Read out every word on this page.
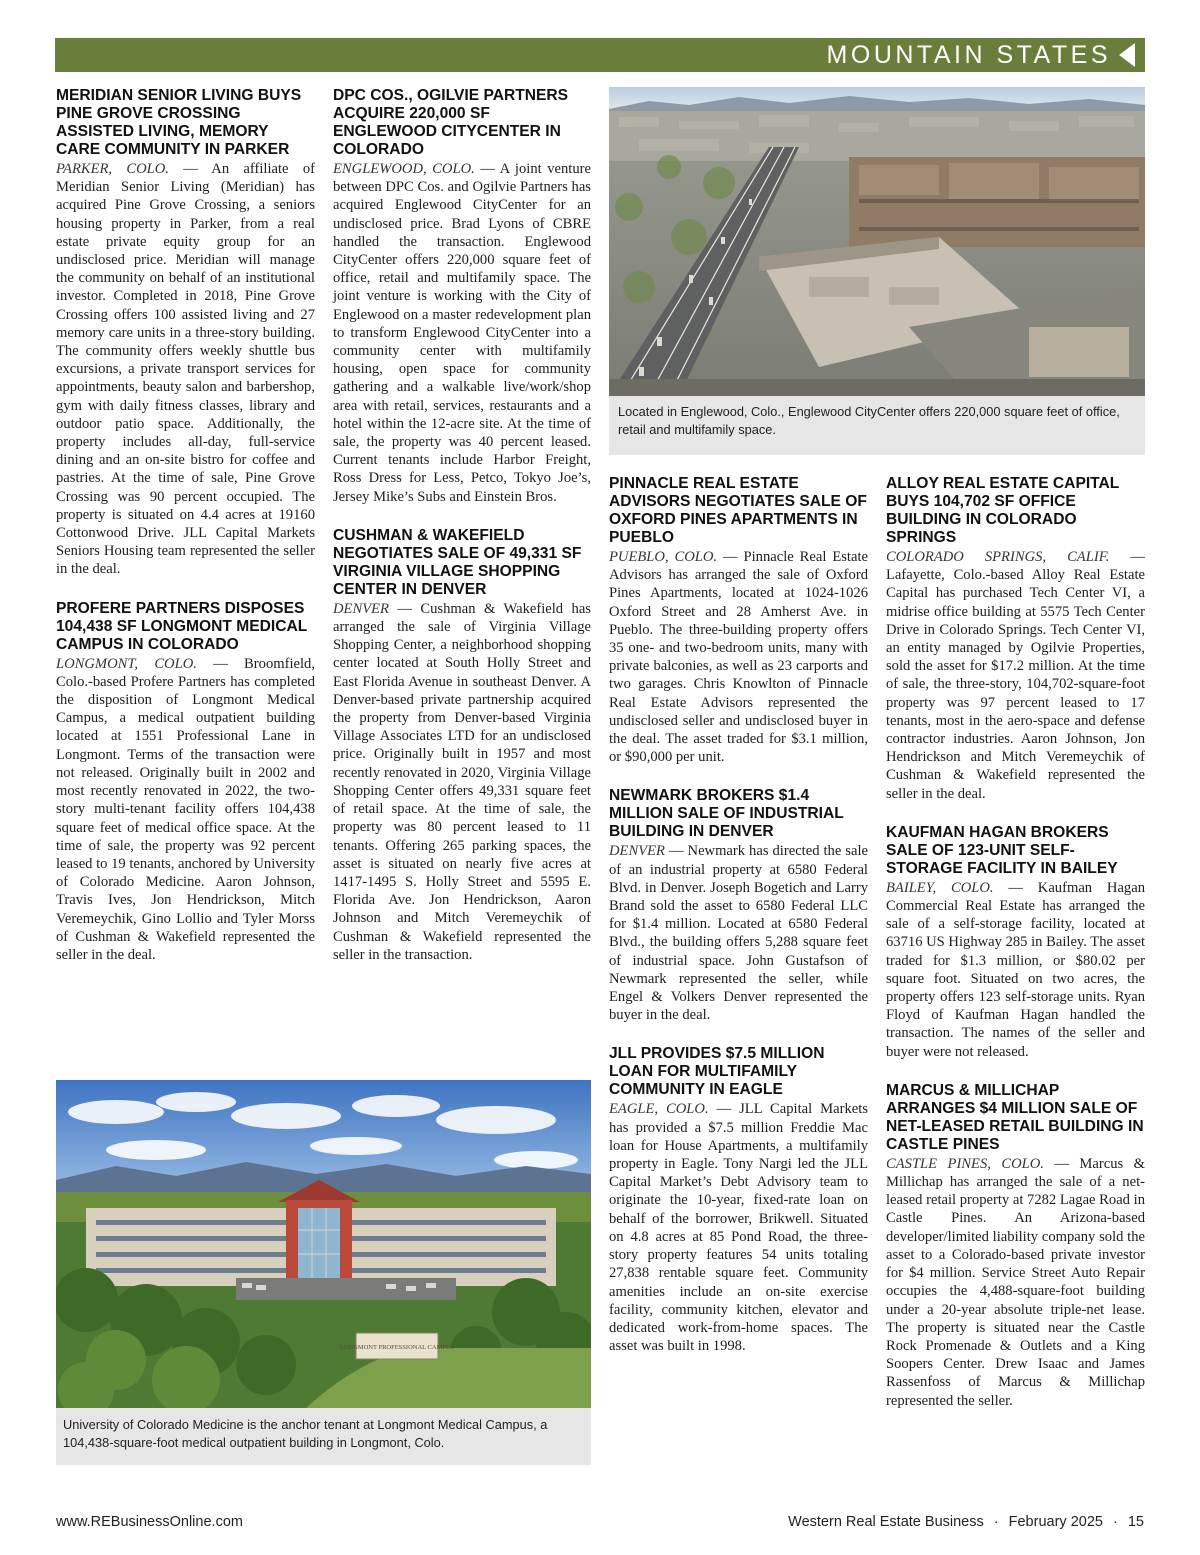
MOUNTAIN STATES
MERIDIAN SENIOR LIVING BUYS PINE GROVE CROSSING ASSISTED LIVING, MEMORY CARE COMMUNITY IN PARKER

PARKER, COLO. — An affiliate of Meridian Senior Living (Meridian) has acquired Pine Grove Crossing, a seniors housing property in Parker, from a real estate private equity group for an undisclosed price. Meridian will manage the community on behalf of an institutional investor. Completed in 2018, Pine Grove Crossing offers 100 assisted living and 27 memory care units in a three-story building. The community offers weekly shuttle bus excursions, a private transport services for appointments, beauty salon and barbershop, gym with daily fitness classes, library and outdoor patio space. Additionally, the property includes all-day, full-service dining and an on-site bistro for coffee and pastries. At the time of sale, Pine Grove Crossing was 90 percent occupied. The property is situated on 4.4 acres at 19160 Cottonwood Drive. JLL Capital Markets Seniors Housing team represented the seller in the deal.

PROFERE PARTNERS DISPOSES 104,438 SF LONGMONT MEDICAL CAMPUS IN COLORADO

LONGMONT, COLO. — Broomfield, Colo.-based Profere Partners has completed the disposition of Longmont Medical Campus, a medical outpatient building located at 1551 Professional Lane in Longmont. Terms of the transaction were not released. Originally built in 2002 and most recently renovated in 2022, the two-story multi-tenant facility offers 104,438 square feet of medical office space. At the time of sale, the property was 92 percent leased to 19 tenants, anchored by University of Colorado Medicine. Aaron Johnson, Travis Ives, Jon Hendrickson, Mitch Veremeychik, Gino Lollio and Tyler Morss of Cushman & Wakefield represented the seller in the deal.

DPC COS., OGILVIE PARTNERS ACQUIRE 220,000 SF ENGLEWOOD CITYCENTER IN COLORADO

ENGLEWOOD, COLO. — A joint venture between DPC Cos. and Ogilvie Partners has acquired Englewood CityCenter for an undisclosed price. Brad Lyons of CBRE handled the transaction. Englewood CityCenter offers 220,000 square feet of office, retail and multifamily space. The joint venture is working with the City of Englewood on a master redevelopment plan to transform Englewood CityCenter into a community center with multifamily housing, open space for community gathering and a walkable live/work/shop area with retail, services, restaurants and a hotel within the 12-acre site. At the time of sale, the property was 40 percent leased. Current tenants include Harbor Freight, Ross Dress for Less, Petco, Tokyo Joe’s, Jersey Mike’s Subs and Einstein Bros.

CUSHMAN & WAKEFIELD NEGOTIATES SALE OF 49,331 SF VIRGINIA VILLAGE SHOPPING CENTER IN DENVER

DENVER — Cushman & Wakefield has arranged the sale of Virginia Village Shopping Center, a neighborhood shopping center located at South Holly Street and East Florida Avenue in southeast Denver. A Denver-based private partnership acquired the property from Denver-based Virginia Village Associates LTD for an undisclosed price. Originally built in 1957 and most recently renovated in 2020, Virginia Village Shopping Center offers 49,331 square feet of retail space. At the time of sale, the property was 80 percent leased to 11 tenants. Offering 265 parking spaces, the asset is situated on nearly five acres at 1417-1495 S. Holly Street and 5595 E. Florida Ave. Jon Hendrickson, Aaron Johnson and Mitch Veremeychik of Cushman & Wakefield represented the seller in the transaction.

Located in Englewood, Colo., Englewood CityCenter offers 220,000 square feet of office, retail and multifamily space.
PINNACLE REAL ESTATE ADVISORS NEGOTIATES SALE OF OXFORD PINES APARTMENTS IN PUEBLO

PUEBLO, COLO. — Pinnacle Real Estate Advisors has arranged the sale of Oxford Pines Apartments, located at 1024-1026 Oxford Street and 28 Amherst Ave. in Pueblo. The three-building property offers 35 one- and two-bedroom units, many with private balconies, as well as 23 carports and two garages. Chris Knowlton of Pinnacle Real Estate Advisors represented the undisclosed seller and undisclosed buyer in the deal. The asset traded for $3.1 million, or $90,000 per unit.

NEWMARK BROKERS $1.4 MILLION SALE OF INDUSTRIAL BUILDING IN DENVER

DENVER — Newmark has directed the sale of an industrial property at 6580 Federal Blvd. in Denver. Joseph Bogetich and Larry Brand sold the asset to 6580 Federal LLC for $1.4 million. Located at 6580 Federal Blvd., the building offers 5,288 square feet of industrial space. John Gustafson of Newmark represented the seller, while Engel & Volkers Denver represented the buyer in the deal.

JLL PROVIDES $7.5 MILLION LOAN FOR MULTIFAMILY COMMUNITY IN EAGLE

EAGLE, COLO. — JLL Capital Markets has provided a $7.5 million Freddie Mac loan for House Apartments, a multifamily property in Eagle. Tony Nargi led the JLL Capital Market’s Debt Advisory team to originate the 10-year, fixed-rate loan on behalf of the borrower, Brikwell. Situated on 4.8 acres at 85 Pond Road, the three-story property features 54 units totaling 27,838 rentable square feet. Community amenities include an on-site exercise facility, community kitchen, elevator and dedicated work-from-home spaces. The asset was built in 1998.

ALLOY REAL ESTATE CAPITAL BUYS 104,702 SF OFFICE BUILDING IN COLORADO SPRINGS

COLORADO SPRINGS, CALIF. — Lafayette, Colo.-based Alloy Real Estate Capital has purchased Tech Center VI, a midrise office building at 5575 Tech Center Drive in Colorado Springs. Tech Center VI, an entity managed by Ogilvie Properties, sold the asset for $17.2 million. At the time of sale, the three-story, 104,702-square-foot property was 97 percent leased to 17 tenants, most in the aero-space and defense contractor industries. Aaron Johnson, Jon Hendrickson and Mitch Veremeychik of Cushman & Wakefield represented the seller in the deal.

KAUFMAN HAGAN BROKERS SALE OF 123-UNIT SELF-STORAGE FACILITY IN BAILEY

BAILEY, COLO. — Kaufman Hagan Commercial Real Estate has arranged the sale of a self-storage facility, located at 63716 US Highway 285 in Bailey. The asset traded for $1.3 million, or $80.02 per square foot. Situated on two acres, the property offers 123 self-storage units. Ryan Floyd of Kaufman Hagan handled the transaction. The names of the seller and buyer were not released.

MARCUS & MILLICHAP ARRANGES $4 MILLION SALE OF NET-LEASED RETAIL BUILDING IN CASTLE PINES

CASTLE PINES, COLO. — Marcus & Millichap has arranged the sale of a net-leased retail property at 7282 Lagae Road in Castle Pines. An Arizona-based developer/limited liability company sold the asset to a Colorado-based private investor for $4 million. Service Street Auto Repair occupies the 4,488-square-foot building under a 20-year absolute triple-net lease. The property is situated near the Castle Rock Promenade & Outlets and a King Soopers Center. Drew Isaac and James Rassenfoss of Marcus & Millichap represented the seller.

LONGMONT PROFESSIONAL CAMPUS
University of Colorado Medicine is the anchor tenant at Longmont Medical Campus, a 104,438-square-foot medical outpatient building in Longmont, Colo.
www.REBusinessOnline.com	Western Real Estate Business · February 2025 · 15
